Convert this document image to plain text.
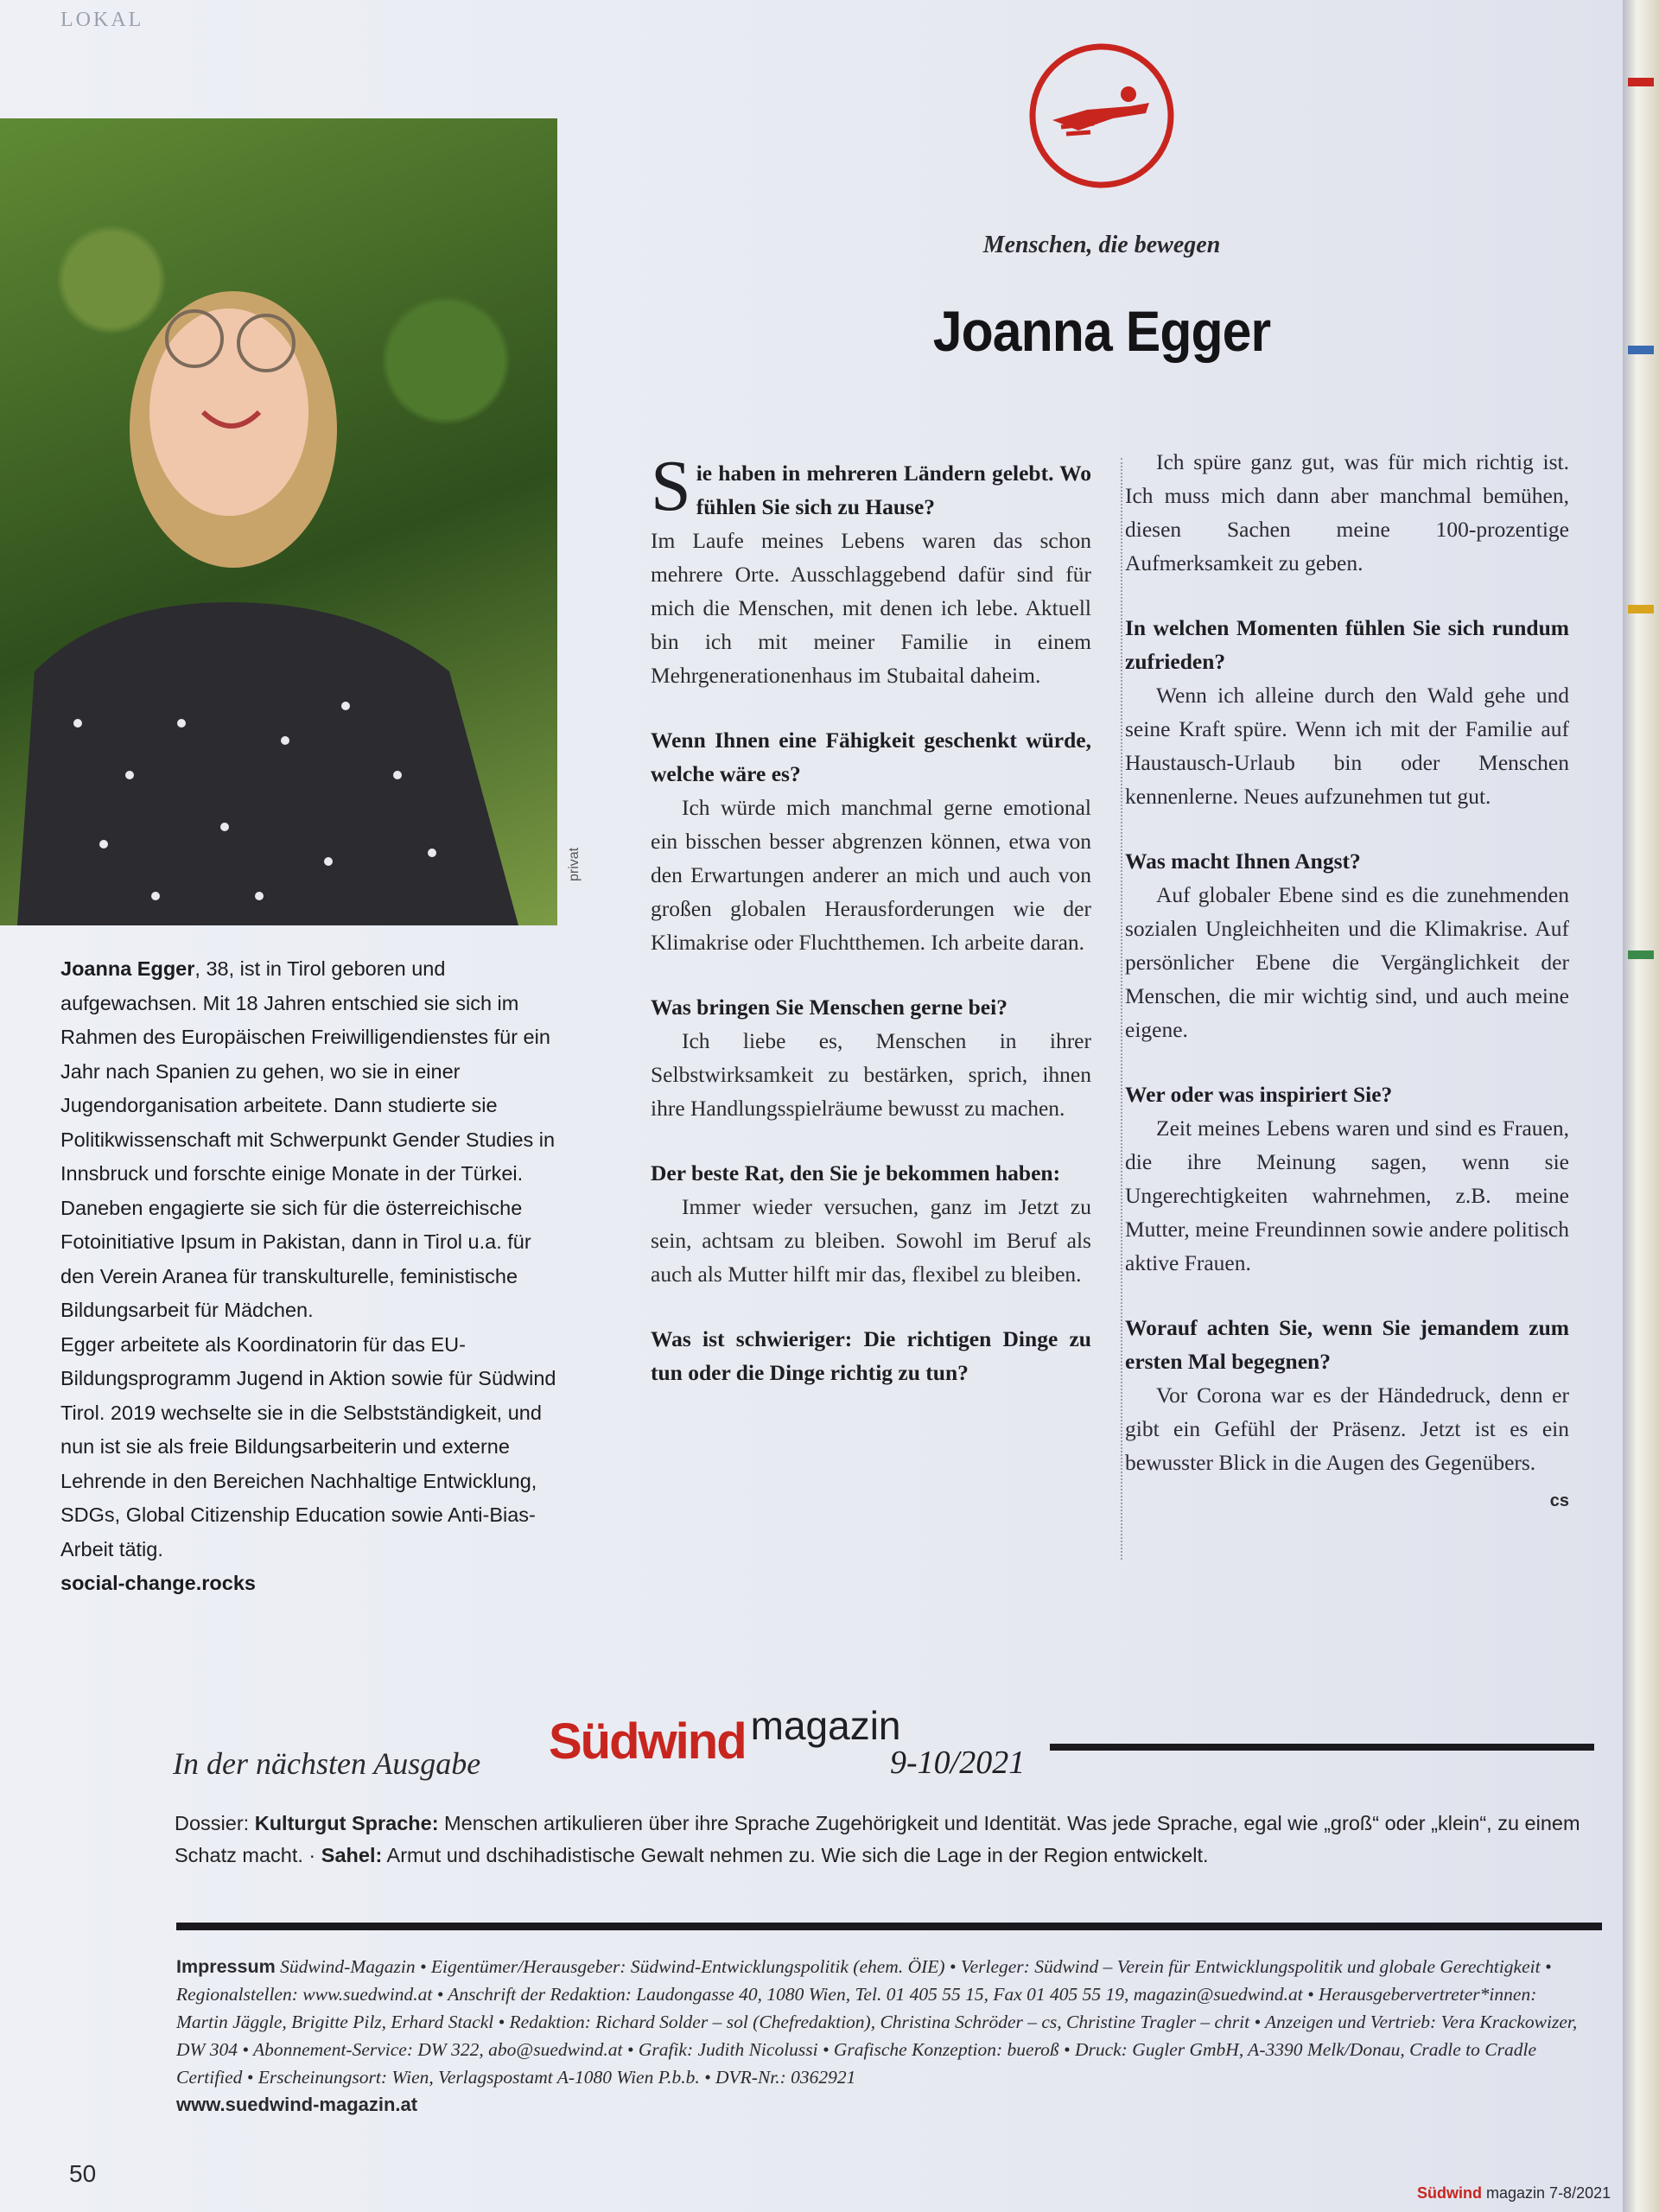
LOKAL
privat

Joanna Egger, 38, ist in Tirol geboren und aufgewachsen. Mit 18 Jahren entschied sie sich im Rahmen des Europäischen Freiwilligendienstes für ein Jahr nach Spanien zu gehen, wo sie in einer Jugendorganisation arbeitete. Dann studierte sie Politikwissenschaft mit Schwerpunkt Gender Studies in Innsbruck und forschte einige Monate in der Türkei. Daneben engagierte sie sich für die österreichische Fotoinitiative Ipsum in Pakistan, dann in Tirol u.a. für den Verein Aranea für transkulturelle, feministische Bildungsarbeit für Mädchen.

Egger arbeitete als Koordinatorin für das EU-Bildungsprogramm Jugend in Aktion sowie für Südwind Tirol. 2019 wechselte sie in die Selbstständigkeit, und nun ist sie als freie Bildungsarbeiterin und externe Lehrende in den Bereichen Nachhaltige Entwicklung, SDGs, Global Citizenship Education sowie Anti-Bias-Arbeit tätig.

social-change.rocks

Menschen, die bewegen
Joanna Egger

Sie haben in mehreren Ländern gelebt. Wo fühlen Sie sich zu Hause?

Im Laufe meines Lebens waren das schon mehrere Orte. Ausschlaggebend dafür sind für mich die Menschen, mit denen ich lebe. Aktuell bin ich mit meiner Familie in einem Mehrgenerationenhaus im Stubaital daheim.

Wenn Ihnen eine Fähigkeit geschenkt würde, welche wäre es?

Ich würde mich manchmal gerne emotional ein bisschen besser abgrenzen können, etwa von den Erwartungen anderer an mich und auch von großen globalen Herausforderungen wie der Klimakrise oder Fluchtthemen. Ich arbeite daran.

Was bringen Sie Menschen gerne bei?

Ich liebe es, Menschen in ihrer Selbstwirksamkeit zu bestärken, sprich, ihnen ihre Handlungsspielräume bewusst zu machen.

Der beste Rat, den Sie je bekommen haben:

Immer wieder versuchen, ganz im Jetzt zu sein, achtsam zu bleiben. Sowohl im Beruf als auch als Mutter hilft mir das, flexibel zu bleiben.

Was ist schwieriger: Die richtigen Dinge zu tun oder die Dinge richtig zu tun?

Ich spüre ganz gut, was für mich richtig ist. Ich muss mich dann aber manchmal bemühen, diesen Sachen meine 100-prozentige Aufmerksamkeit zu geben.

In welchen Momenten fühlen Sie sich rundum zufrieden?

Wenn ich alleine durch den Wald gehe und seine Kraft spüre. Wenn ich mit der Familie auf Haustausch-Urlaub bin oder Menschen kennenlerne. Neues aufzunehmen tut gut.

Was macht Ihnen Angst?

Auf globaler Ebene sind es die zunehmenden sozialen Ungleichheiten und die Klimakrise. Auf persönlicher Ebene die Vergänglichkeit der Menschen, die mir wichtig sind, und auch meine eigene.

Wer oder was inspiriert Sie?

Zeit meines Lebens waren und sind es Frauen, die ihre Meinung sagen, wenn sie Ungerechtigkeiten wahrnehmen, z.B. meine Mutter, meine Freundinnen sowie andere politisch aktive Frauen.

Worauf achten Sie, wenn Sie jemandem zum ersten Mal begegnen?

Vor Corona war es der Händedruck, denn er gibt ein Gefühl der Präsenz. Jetzt ist es ein bewusster Blick in die Augen des Gegenübers.
cs

In der nächsten Ausgabe Südwind magazin
9-10/2021
Dossier: Kulturgut Sprache: Menschen artikulieren über ihre Sprache Zugehörigkeit und Identität. Was jede Sprache, egal wie „groß“ oder „klein“, zu einem Schatz macht. · Sahel: Armut und dschihadistische Gewalt nehmen zu. Wie sich die Lage in der Region entwickelt.
Impressum Südwind-Magazin • Eigentümer/Herausgeber: Südwind-Entwicklungspolitik (ehem. ÖIE) • Verleger: Südwind – Verein für Entwicklungspolitik und globale Gerechtigkeit • Regionalstellen: www.suedwind.at • Anschrift der Redaktion: Laudongasse 40, 1080 Wien, Tel. 01 405 55 15, Fax 01 405 55 19, magazin@suedwind.at • Herausgebervertreter*innen: Martin Jäggle, Brigitte Pilz, Erhard Stackl • Redaktion: Richard Solder – sol (Chefredaktion), Christina Schröder – cs, Christine Tragler – chrit • Anzeigen und Vertrieb: Vera Krackowizer, DW 304 • Abonnement-Service: DW 322, abo@suedwind.at • Grafik: Judith Nicolussi • Grafische Konzeption: bueroß • Druck: Gugler GmbH, A-3390 Melk/Donau, Cradle to Cradle Certified • Erscheinungsort: Wien, Verlagspostamt A-1080 Wien P.b.b. • DVR-Nr.: 0362921
www.suedwind-magazin.at
50
Südwind magazin 7-8/2021
